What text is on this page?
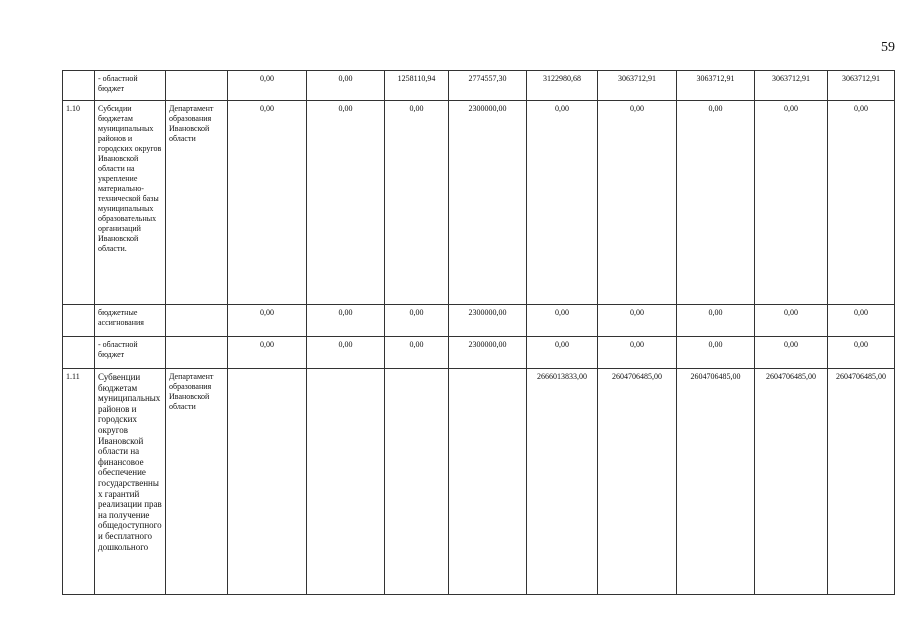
59
	- областной бюджет		0,00	0,00	1258110,94	2774557,30	3122980,68	3063712,91	3063712,91	3063712,91	3063712,91
1.10	Субсидии бюджетам муниципальных районов и городских округов Ивановской области на укрепление материально-технической базы муниципальных образовательных организаций Ивановской области.	Департамент образования Ивановской области	0,00	0,00	0,00	2300000,00	0,00	0,00	0,00	0,00	0,00
	бюджетные ассигнования		0,00	0,00	0,00	2300000,00	0,00	0,00	0,00	0,00	0,00
	- областной бюджет		0,00	0,00	0,00	2300000,00	0,00	0,00	0,00	0,00	0,00
1.11	Субвенции бюджетам муниципальных районов и городских округов Ивановской области на финансовое обеспечение государственных гарантий реализации прав на получение общедоступного и бесплатного дошкольного	Департамент образования Ивановской области					2666013833,00	2604706485,00	2604706485,00	2604706485,00	2604706485,00
